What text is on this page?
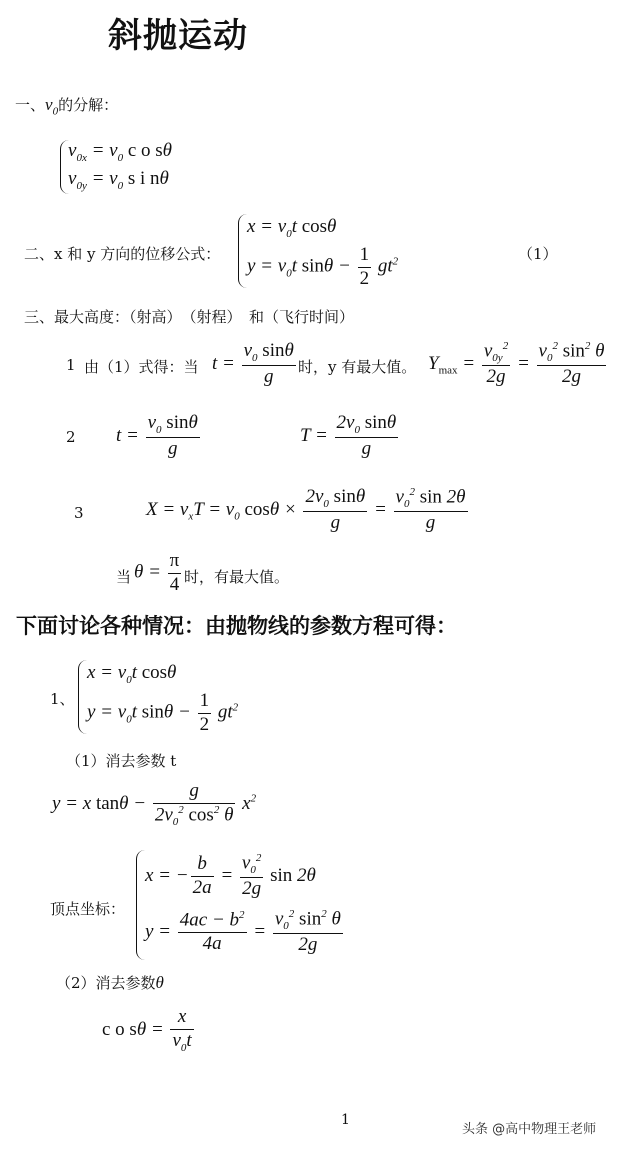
斜抛运动
一、$v_0$的分解：
$v_{0x} = v_0$ c o sθ
$v_{0y} = v_0$ s i nθ
二、x 和 y 方向的位移公式：
$x = v_0t$ cosθ
$y = v_0t$ $\sin\theta - \frac{1}{2} gt^2$	（1）
三、最大高度：（射高）　（射程）　和（飞行时间）
1 由（1）式得：当 $t = \frac{v_0 \sin\theta}{g}$ 时，y 有最大值。 $Y_{max} = \frac{v_{0y}^2}{2g} = \frac{v_0^2 \sin^2 \theta}{2g}$
2 $t = \frac{v_0 \sin\theta}{g}$	$T = \frac{2v_0 \sin\theta}{g}$
3	$X = v_xT = v_0$ $\cos\theta \times \frac{2v_0 \sin\theta}{g} = \frac{v_0^2 \sin 2\theta}{g}$
当 $\theta = \frac{\pi}{4}$ 时，有最大值。
下面讨论各种情况：由抛物线的参数方程可得：
1、
$x = v_0t$ cosθ
$y = v_0t$ $\sin\theta - \frac{1}{2} gt^2$
（1）消去参数 t
y = x $\tan\theta - \frac{g}{2v_0^2 \cos^2 \theta} x^2$
顶点坐标：
x = − $\frac{b}{2a} = \frac{v_0^2}{2g}$ sin 2θ
$y = \frac{4ac - b^2}{4a} = \frac{v_0^2 \sin^2 \theta}{2g}$
（2）消去参数θ
c o $s\theta = \frac{x}{v_0t}$
1
头条 @高中物理王老师
